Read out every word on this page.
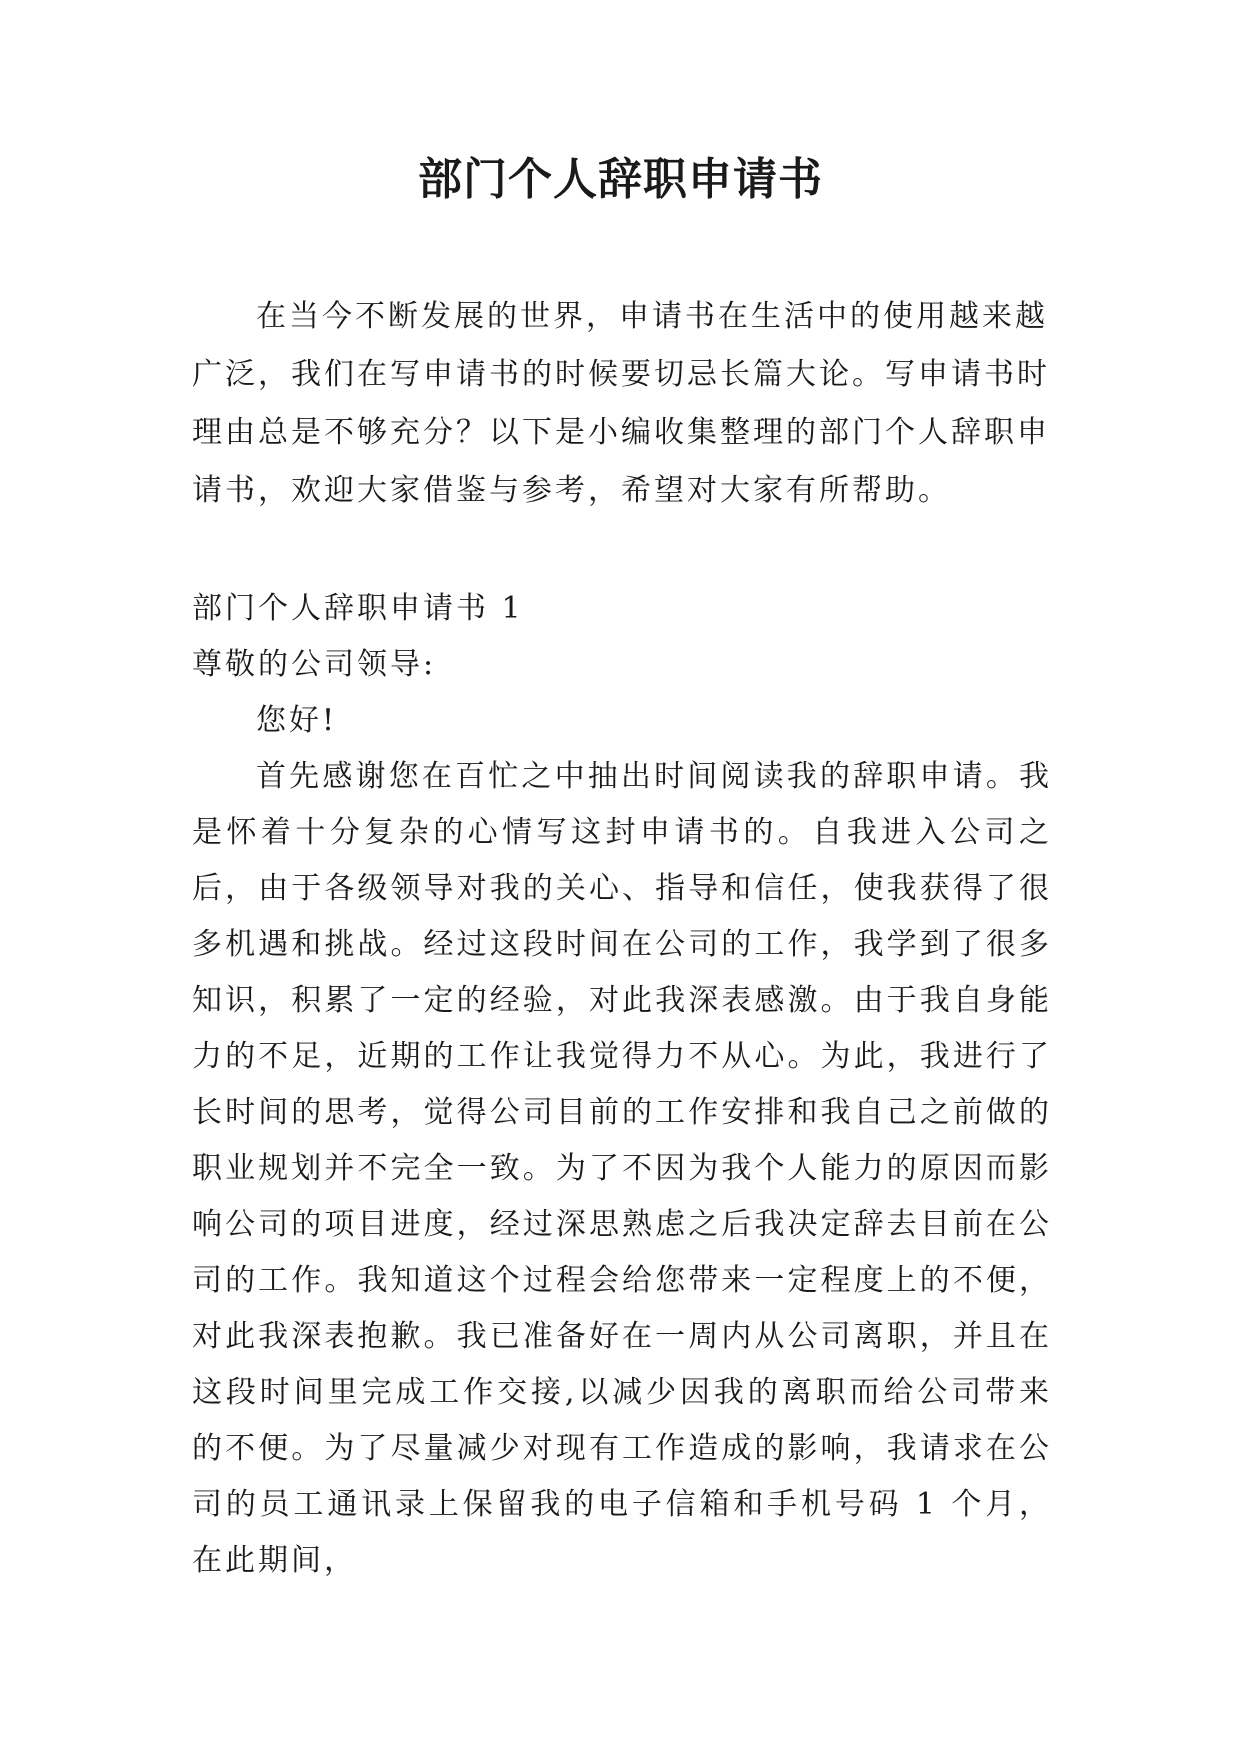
部门个人辞职申请书

在当今不断发展的世界，申请书在生活中的使用越来越广泛，我们在写申请书的时候要切忌长篇大论。写申请书时理由总是不够充分？以下是小编收集整理的部门个人辞职申请书，欢迎大家借鉴与参考，希望对大家有所帮助。

部门个人辞职申请书 1

尊敬的公司领导:

您好!

首先感谢您在百忙之中抽出时间阅读我的辞职申请。我是怀着十分复杂的心情写这封申请书的。自我进入公司之后，由于各级领导对我的关心、指导和信任，使我获得了很多机遇和挑战。经过这段时间在公司的工作，我学到了很多知识，积累了一定的经验，对此我深表感激。由于我自身能力的不足，近期的工作让我觉得力不从心。为此，我进行了长时间的思考，觉得公司目前的工作安排和我自己之前做的职业规划并不完全一致。为了不因为我个人能力的原因而影响公司的项目进度，经过深思熟虑之后我决定辞去目前在公司的工作。我知道这个过程会给您带来一定程度上的不便，对此我深表抱歉。我已准备好在一周内从公司离职，并且在这段时间里完成工作交接,以减少因我的离职而给公司带来的不便。为了尽量减少对现有工作造成的影响，我请求在公司的员工通讯录上保留我的电子信箱和手机号码 1 个月，在此期间，
